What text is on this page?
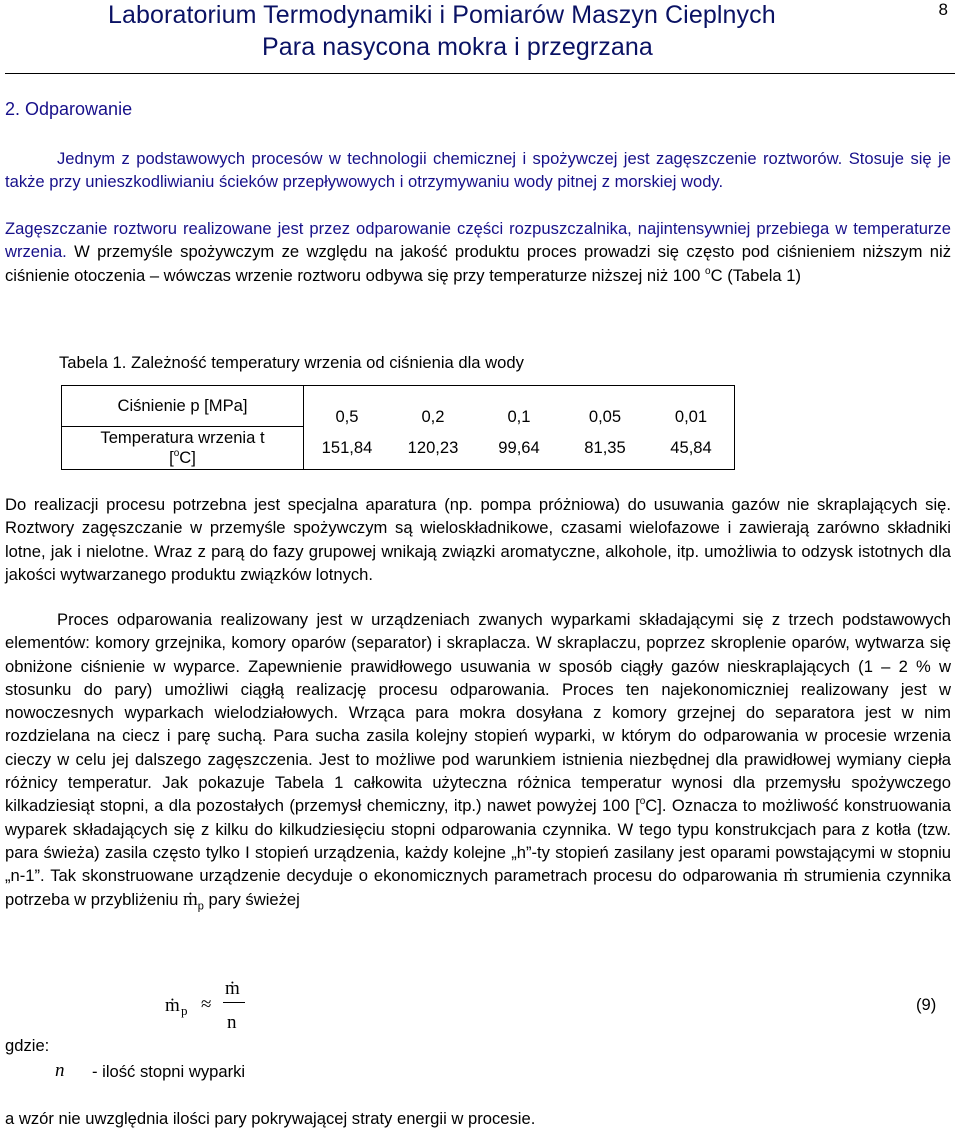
Laboratorium Termodynamiki i Pomiarów Maszyn Cieplnych
Para nasycona mokra i przegrzana
8
2. Odparowanie
Jednym z podstawowych procesów w technologii chemicznej i spożywczej jest zagęszczenie roztworów. Stosuje się je także przy unieszkodliwianiu ścieków przepływowych i otrzymywaniu wody pitnej z morskiej wody.
Zagęszczanie roztworu realizowane jest przez odparowanie części rozpuszczalnika, najintensywniej przebiega w temperaturze wrzenia. W przemyśle spożywczym ze względu na jakość produktu proces prowadzi się często pod ciśnieniem niższym niż ciśnienie otoczenia – wówczas wrzenie roztworu odbywa się przy temperaturze niższej niż 100 $^o$C (Tabela 1)
Tabela 1. Zależność temperatury wrzenia od ciśnienia dla wody
Ciśnienie p [MPa]	0,5	0,2	0,1	0,05	0,01
Temperatura wrzenia t
[$^o$C]	151,84	120,23	99,64	81,35	45,84
Do realizacji procesu potrzebna jest specjalna aparatura (np. pompa próżniowa) do usuwania gazów nie skraplających się. Roztwory zagęszczanie w przemyśle spożywczym są wieloskładnikowe, czasami wielofazowe i zawierają zarówno składniki lotne, jak i nielotne. Wraz z parą do fazy grupowej wnikają związki aromatyczne, alkohole, itp. umożliwia to odzysk istotnych dla jakości wytwarzanego produktu związków lotnych.
Proces odparowania realizowany jest w urządzeniach zwanych wyparkami składającymi się z trzech podstawowych elementów: komory grzejnika, komory oparów (separator) i skraplacza. W skraplaczu, poprzez skroplenie oparów, wytwarza się obniżone ciśnienie w wyparce. Zapewnienie prawidłowego usuwania w sposób ciągły gazów nieskraplających (1 – 2 % w stosunku do pary) umożliwi ciągłą realizację procesu odparowania. Proces ten najekonomiczniej realizowany jest w nowoczesnych wyparkach wielodziałowych. Wrząca para mokra dosyłana z komory grzejnej do separatora jest w nim rozdzielana na ciecz i parę suchą. Para sucha zasila kolejny stopień wyparki, w którym do odparowania w procesie wrzenia cieczy w celu jej dalszego zagęszczenia. Jest to możliwe pod warunkiem istnienia niezbędnej dla prawidłowej wymiany ciepła różnicy temperatur. Jak pokazuje Tabela 1 całkowita użyteczna różnica temperatur wynosi dla przemysłu spożywczego kilkadziesiąt stopni, a dla pozostałych (przemysł chemiczny, itp.) nawet powyżej 100 [$^o$C]. Oznacza to możliwość konstruowania wyparek składających się z kilku do kilkudziesięciu stopni odparowania czynnika. W tego typu konstrukcjach para z kotła (tzw. para świeża) zasila często tylko I stopień urządzenia, każdy kolejne „h”-ty stopień zasilany jest oparami powstającymi w stopniu „n-1”. Tak skonstruowane urządzenie decyduje o ekonomicznych parametrach procesu do odparowania ṁ strumienia czynnika potrzeba w przybliżeniu ṁ$_p$ pary świeżej
ṁ p ≈
ṁ
n
(9)
gdzie:
n - ilość stopni wyparki
a wzór nie uwzględnia ilości pary pokrywającej straty energii w procesie.
